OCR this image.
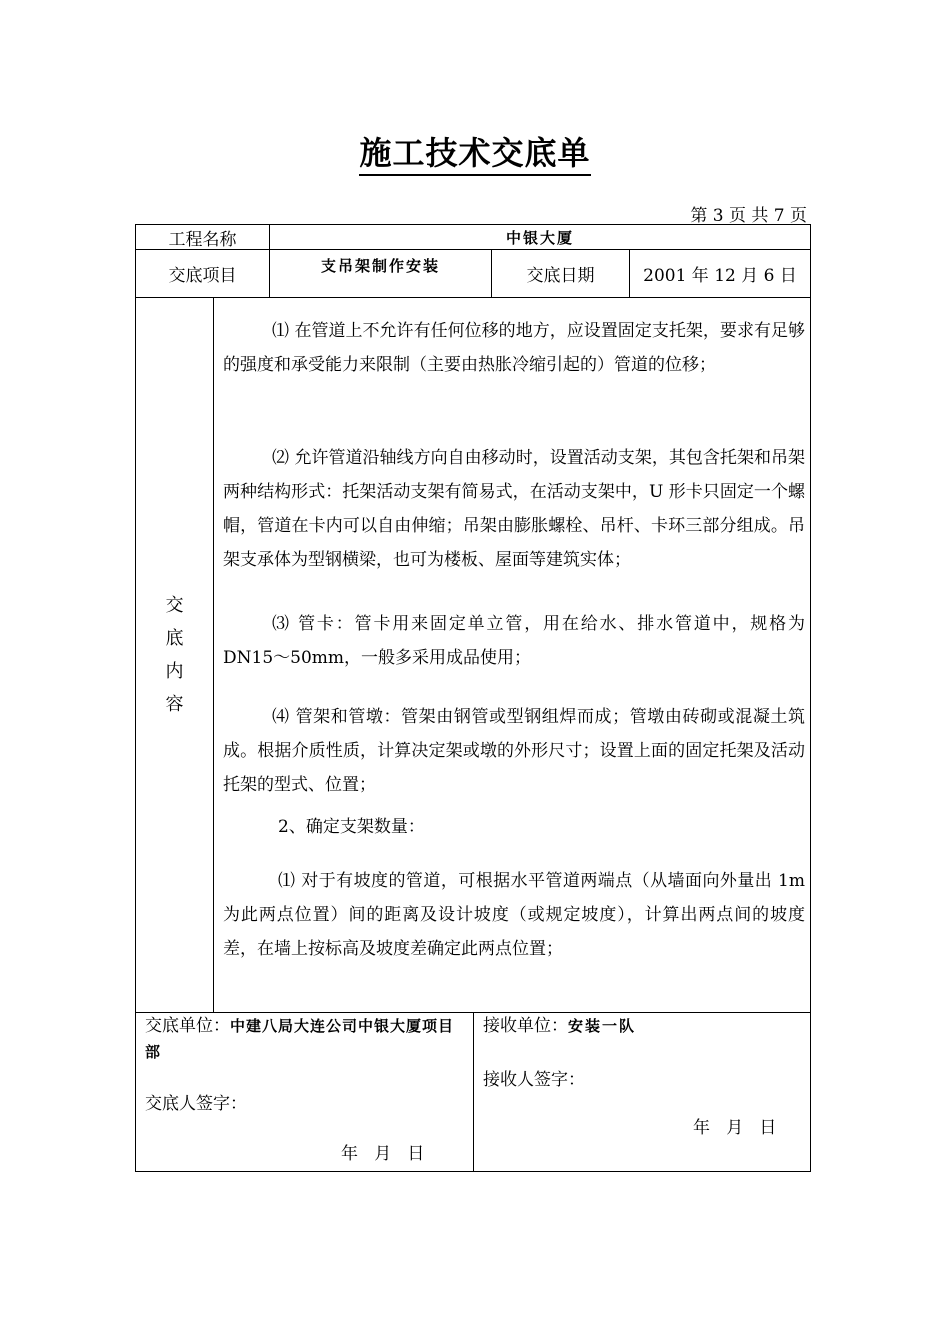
施工技术交底单
第 3 页 共 7 页
工程名称	中银大厦
交底项目
支吊架制作安装
交底日期	2001 年 12 月 6 日
交
底
内
容

⑴ 在管道上不允许有任何位移的地方，应设置固定支托架，要求有足够的强度和承受能力来限制（主要由热胀冷缩引起的）管道的位移；

⑵ 允许管道沿轴线方向自由移动时，设置活动支架，其包含托架和吊架两种结构形式：托架活动支架有简易式，在活动支架中，U 形卡只固定一个螺帽，管道在卡内可以自由伸缩；吊架由膨胀螺栓、吊杆、卡环三部分组成。吊架支承体为型钢横梁，也可为楼板、屋面等建筑实体；

⑶ 管卡：管卡用来固定单立管，用在给水、排水管道中，规格为 DN15～50mm，一般多采用成品使用；

⑷ 管架和管墩：管架由钢管或型钢组焊而成；管墩由砖砌或混凝土筑成。根据介质性质，计算决定架或墩的外形尺寸；设置上面的固定托架及活动托架的型式、位置；

2、确定支架数量：

⑴ 对于有坡度的管道，可根据水平管道两端点（从墙面向外量出 1m 为此两点位置）间的距离及设计坡度（或规定坡度），计算出两点间的坡度差，在墙上按标高及坡度差确定此两点位置；

交底单位：中建八局大连公司中银大厦项目部
交底人签字：
年   月   日
接收单位：安装一队
接收人签字：
年   月   日
